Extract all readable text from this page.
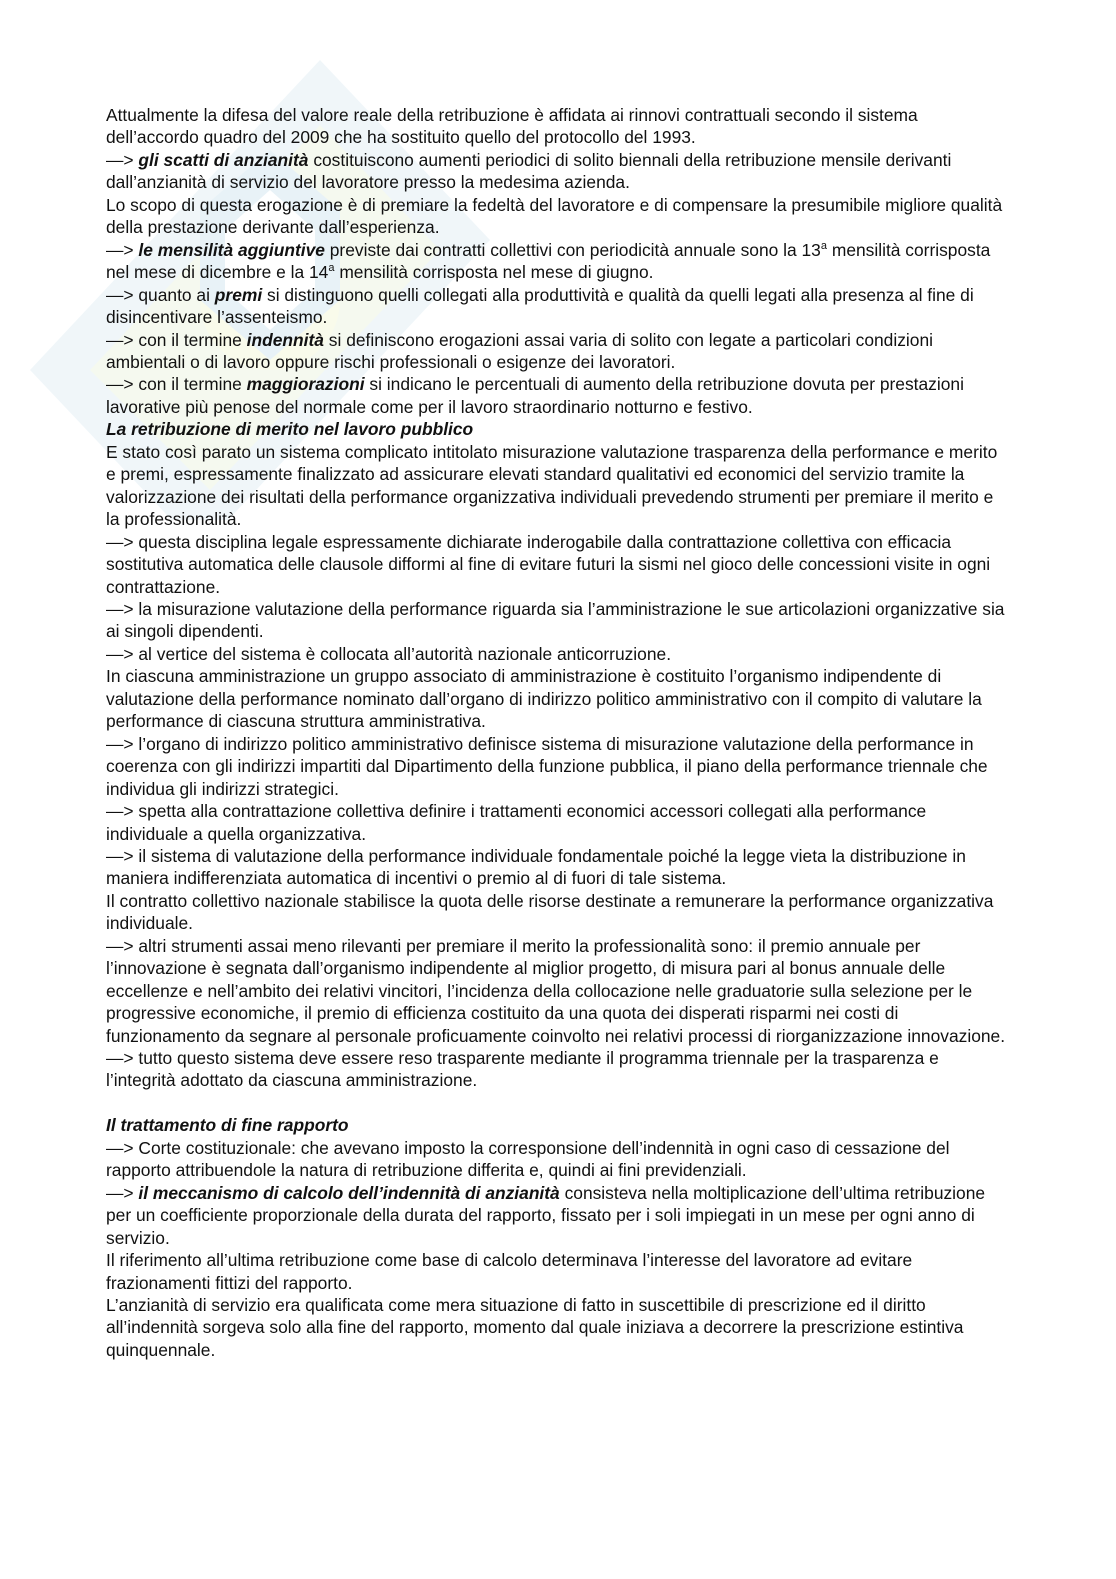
Attualmente la difesa del valore reale della retribuzione è affidata ai rinnovi contrattuali secondo il sistema dell’accordo quadro del 2009 che ha sostituito quello del protocollo del 1993.

—> gli scatti di anzianità costituiscono aumenti periodici di solito biennali della retribuzione mensile derivanti dall’anzianità di servizio del lavoratore presso la medesima azienda.

Lo scopo di questa erogazione è di premiare la fedeltà del lavoratore e di compensare la presumibile migliore qualità della prestazione derivante dall’esperienza.

—> le mensilità aggiuntive previste dai contratti collettivi con periodicità annuale sono la 13$^a$ mensilità corrisposta nel mese di dicembre e la 14$^a$ mensilità corrisposta nel mese di giugno.

—> quanto ai premi si distinguono quelli collegati alla produttività e qualità da quelli legati alla presenza al fine di disincentivare l’assenteismo.

—> con il termine indennità si definiscono erogazioni assai varia di solito con legate a particolari condizioni ambientali o di lavoro oppure rischi professionali o esigenze dei lavoratori.

—> con il termine maggiorazioni si indicano le percentuali di aumento della retribuzione dovuta per prestazioni lavorative più penose del normale come per il lavoro straordinario notturno e festivo.

La retribuzione di merito nel lavoro pubblico

E stato così parato un sistema complicato intitolato misurazione valutazione trasparenza della performance e merito e premi, espressamente finalizzato ad assicurare elevati standard qualitativi ed economici del servizio tramite la valorizzazione dei risultati della performance organizzativa individuali prevedendo strumenti per premiare il merito e la professionalità.

—> questa disciplina legale espressamente dichiarate inderogabile dalla contrattazione collettiva con efficacia sostitutiva automatica delle clausole difformi al fine di evitare futuri la sismi nel gioco delle concessioni visite in ogni contrattazione.

—> la misurazione valutazione della performance riguarda sia l’amministrazione le sue articolazioni organizzative sia ai singoli dipendenti.

—> al vertice del sistema è collocata all’autorità nazionale anticorruzione.

In ciascuna amministrazione un gruppo associato di amministrazione è costituito l’organismo indipendente di valutazione della performance nominato dall’organo di indirizzo politico amministrativo con il compito di valutare la performance di ciascuna struttura amministrativa.

—> l’organo di indirizzo politico amministrativo definisce sistema di misurazione valutazione della performance in coerenza con gli indirizzi impartiti dal Dipartimento della funzione pubblica, il piano della performance triennale che individua gli indirizzi strategici.

—> spetta alla contrattazione collettiva definire i trattamenti economici accessori collegati alla performance individuale a quella organizzativa.

—> il sistema di valutazione della performance individuale fondamentale poiché la legge vieta la distribuzione in maniera indifferenziata automatica di incentivi o premio al di fuori di tale sistema.

Il contratto collettivo nazionale stabilisce la quota delle risorse destinate a remunerare la performance organizzativa individuale.

—> altri strumenti assai meno rilevanti per premiare il merito la professionalità sono: il premio annuale per l’innovazione è segnata dall’organismo indipendente al miglior progetto, di misura pari al bonus annuale delle eccellenze e nell’ambito dei relativi vincitori, l’incidenza della collocazione nelle graduatorie sulla selezione per le progressive economiche, il premio di efficienza costituito da una quota dei disperati risparmi nei costi di funzionamento da segnare al personale proficuamente coinvolto nei relativi processi di riorganizzazione innovazione.

—> tutto questo sistema deve essere reso trasparente mediante il programma triennale per la trasparenza e l’integrità adottato da ciascuna amministrazione.

Il trattamento di fine rapporto

—> Corte costituzionale: che avevano imposto la corresponsione dell’indennità in ogni caso di cessazione del rapporto attribuendole la natura di retribuzione differita e, quindi ai fini previdenziali.

—> il meccanismo di calcolo dell’indennità di anzianità consisteva nella moltiplicazione dell’ultima retribuzione per un coefficiente proporzionale della durata del rapporto, fissato per i soli impiegati in un mese per ogni anno di servizio.

Il riferimento all’ultima retribuzione come base di calcolo determinava l’interesse del lavoratore ad evitare frazionamenti fittizi del rapporto.

L’anzianità di servizio era qualificata come mera situazione di fatto in suscettibile di prescrizione ed il diritto all’indennità sorgeva solo alla fine del rapporto, momento dal quale iniziava a decorrere la prescrizione estintiva quinquennale.
